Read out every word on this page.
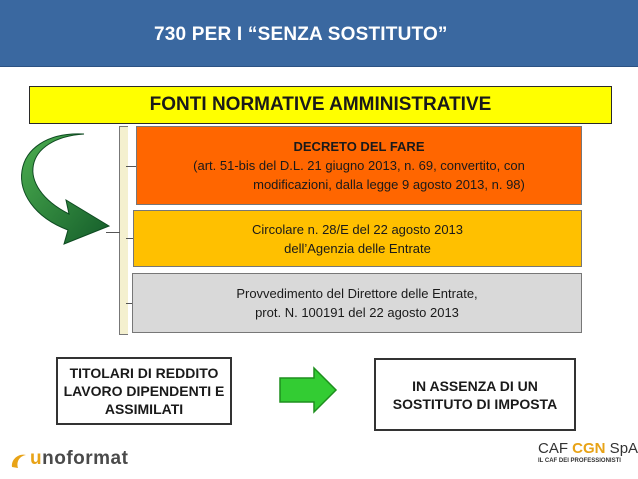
730 PER I “SENZA SOSTITUTO”
FONTI NORMATIVE AMMINISTRATIVE
DECRETO DEL FARE
(art. 51-bis del D.L. 21 giugno 2013, n. 69, convertito, con
modificazioni, dalla legge 9 agosto 2013, n. 98)
Circolare n. 28/E del 22 agosto 2013
dell’Agenzia delle Entrate
Provvedimento del Direttore delle Entrate,
prot. N. 100191 del 22 agosto 2013
TITOLARI DI REDDITO
LAVORO DIPENDENTI E
ASSIMILATI
IN ASSENZA DI UN
SOSTITUTO DI IMPOSTA
unoformat	CAF CGN SpA
IL CAF DEI PROFESSIONISTI
